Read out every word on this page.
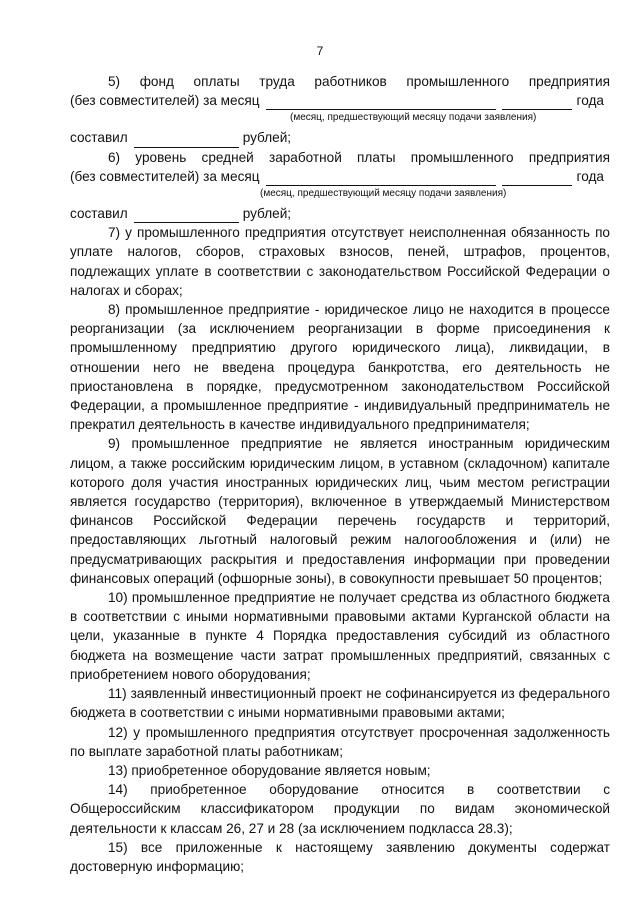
7

5) фонд оплаты труда работников промышленного предприятия

(без совместителей) за месяц	года
(месяц, предшествующий месяцу подачи заявления)
составил	рублей;

6) уровень средней заработной платы промышленного предприятия

(без совместителей) за месяц	года
(месяц, предшествующий месяцу подачи заявления)
составил	рублей;

7) у промышленного предприятия отсутствует неисполненная обязанность по уплате налогов, сборов, страховых взносов, пеней, штрафов, процентов, подлежащих уплате в соответствии с законодательством Российской Федерации о налогах и сборах;

8) промышленное предприятие - юридическое лицо не находится в процессе реорганизации (за исключением реорганизации в форме присоединения к промышленному предприятию другого юридического лица), ликвидации, в отношении него не введена процедура банкротства, его деятельность не приостановлена в порядке, предусмотренном законодательством Российской Федерации, а промышленное предприятие - индивидуальный предприниматель не прекратил деятельность в качестве индивидуального предпринимателя;

9) промышленное предприятие не является иностранным юридическим лицом, а также российским юридическим лицом, в уставном (складочном) капитале которого доля участия иностранных юридических лиц, чьим местом регистрации является государство (территория), включенное в утверждаемый Министерством финансов Российской Федерации перечень государств и территорий, предоставляющих льготный налоговый режим налогообложения и (или) не предусматривающих раскрытия и предоставления информации при проведении финансовых операций (офшорные зоны), в совокупности превышает 50 процентов;

10) промышленное предприятие не получает средства из областного бюджета в соответствии с иными нормативными правовыми актами Курганской области на цели, указанные в пункте 4 Порядка предоставления субсидий из областного бюджета на возмещение части затрат промышленных предприятий, связанных с приобретением нового оборудования;

11) заявленный инвестиционный проект не софинансируется из федерального бюджета в соответствии с иными нормативными правовыми актами;

12) у промышленного предприятия отсутствует просроченная задолженность по выплате заработной платы работникам;

13) приобретенное оборудование является новым;

14) приобретенное оборудование относится в соответствии с Общероссийским классификатором продукции по видам экономической деятельности к классам 26, 27 и 28 (за исключением подкласса 28.3);

15) все приложенные к настоящему заявлению документы содержат достоверную информацию;
